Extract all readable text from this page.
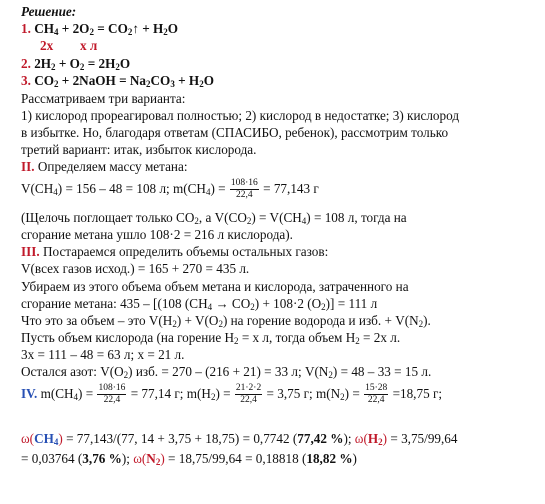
Решение:
1. $CH_4 + 2O_2$ = $CO_2↑ + H_2O$
2x x л
2. $2H_2 + O_2 = 2H_2O$
3. $CO_2$ + 2NaOH = $Na_2CO_3 + H_2O$
Рассматриваем три варианта:
1) кислород прореагировал полностью; 2) кислород в недостатке; 3) кислород
в избытке. Но, благодаря ответам (СПАСИБО, ребенок), рассмотрим только
третий вариант: итак, избыток кислорода.
II. Определяем массу метана:
$V(CH_4) = 156 - 48 = 108$ л; $m(CH_4) = \frac{108\cdot 16}{22,4} = 77,143$ г
(Щелочь поглощает только $CO_2$, а $V(CO_2) = V(CH_4) = 108$ л, тогда на
сгорание метана ушло 108·2 = 216 л кислорода).
III. Постараемся определить объемы остальных газов:
V(всех газов исход.) = 165 + 270 = 435 л.
Убираем из этого объема объем метана и кислорода, затраченного на
сгорание метана: 435 – [(108 $(CH_4 \to CO_2) + 108\cdot 2$ $(O_2)] = 111$ л
Что это за объем – это $V(H_2) + V(O_2)$ на горение водорода и изб. + $V(N_2)$.
Пусть объем кислорода (на горение $H_2 = x$ л, тогда объем $H_2 = 2x$ л.
3x = 111 – 48 = 63 л; x = 21 л.
Остался азот: $V(O_2)$ изб. = 270 – (216 + 21) = 33 л; $V(N_2) = 48 - 33 = 15$ л.
IV. $m(CH_4) = \frac{108\cdot 16}{22,4} = 77,14$ г; $m(H_2) = \frac{21\cdot 2\cdot 2}{22,4} = 3,75$ г; $m(N_2) = \frac{15\cdot 28}{22,4} =18,75$ г;
$\omega(CH_4) = 77,143/(77$, 14 + 3,75 + 18,75) = 0,7742 (77,42 %); $\omega(H_2) = 3,75/99,64$
= 0,03764 (3,76 %); $\omega(N_2) = 18,75/99,64 = 0,18818$ (18,82 %)
